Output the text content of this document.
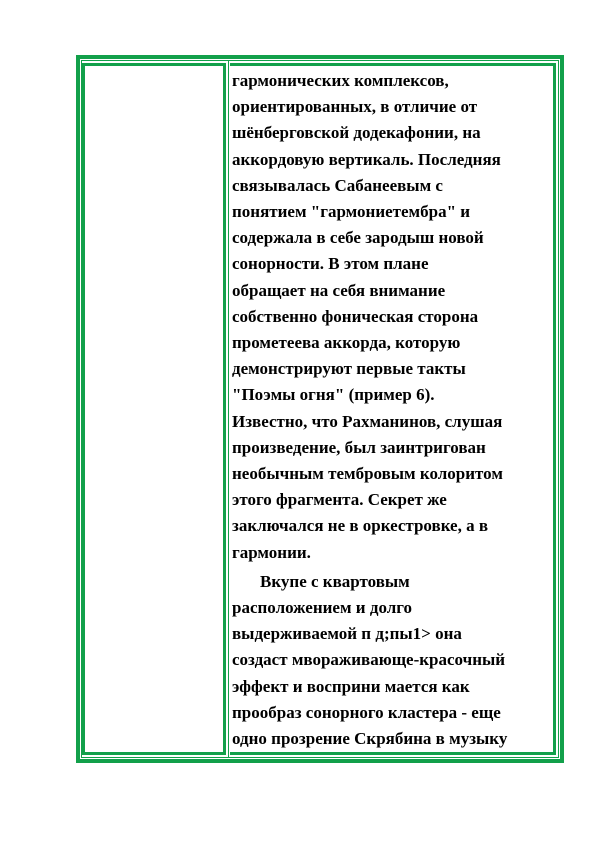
гармонических комплексов,
ориентированных, в отличие от
шёнберговской додекафонии, на
аккордовую вертикаль. Последняя
связывалась Сабанеевым с
понятием "гармониетембра" и
содержала в себе зародыш новой
сонорности. В этом плане
обращает на себя внимание
собственно фоническая сторона
прометеева аккорда, которую
демонстрируют первые такты
"Поэмы огня" (пример 6).
Известно, что Рахманинов, слушая
произведение, был заинтригован
необычным тембровым колоритом
этого фрагмента. Секрет же
заключался не в оркестровке, а в
гармонии.

Вкупе с квартовым
расположением и долго
выдерживаемой п д;пы1> она
создаст мвораживающе-красочный
эффект и восприни мается как
прообраз сонорного кластера - еще
одно прозрение Скрябина в музыку
